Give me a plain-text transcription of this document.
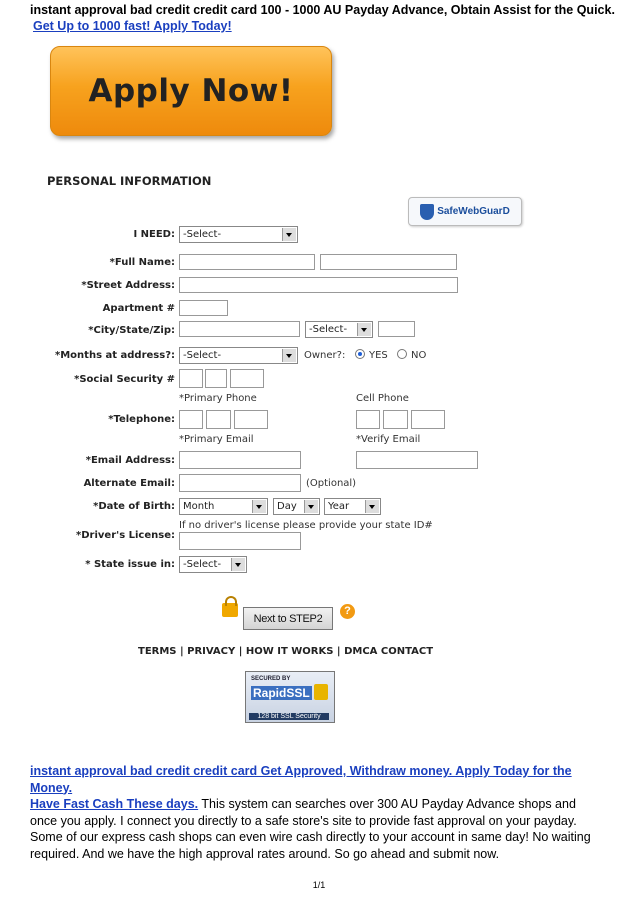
instant approval bad credit credit card 100 - 1000 AU Payday Advance, Obtain Assist for the Quick.
Get Up to 1000 fast! Apply Today!
Apply Now!
PERSONAL INFORMATION
SafeWebGuarD
I NEED: -Select-
*Full Name:
*Street Address:
Apartment #
*City/State/Zip:	-Select-
*Months at address?: -Select-	Owner?: YES NO
*Social Security #
*Primary Phone	Cell Phone
*Telephone:
*Primary Email	*Verify Email
*Email Address:
Alternate Email:	(Optional)
*Date of Birth: Month	Day	Year
If no driver's license please provide your state ID#
*Driver's License:
* State issue in: -Select-
Next to STEP2
?
TERMS | PRIVACY | HOW IT WORKS | DMCA CONTACT
SECURED BY
RapidSSL
128 bit SSL Security
instant approval bad credit credit card Get Approved, Withdraw money. Apply Today for the Money.
Have Fast Cash These days. This system can searches over 300 AU Payday Advance shops and once you apply. I connect you directly to a safe store's site to provide fast approval on your payday. Some of our express cash shops can even wire cash directly to your account in same day! No waiting required. And we have the high approval rates around. So go ahead and submit now.
1/1
